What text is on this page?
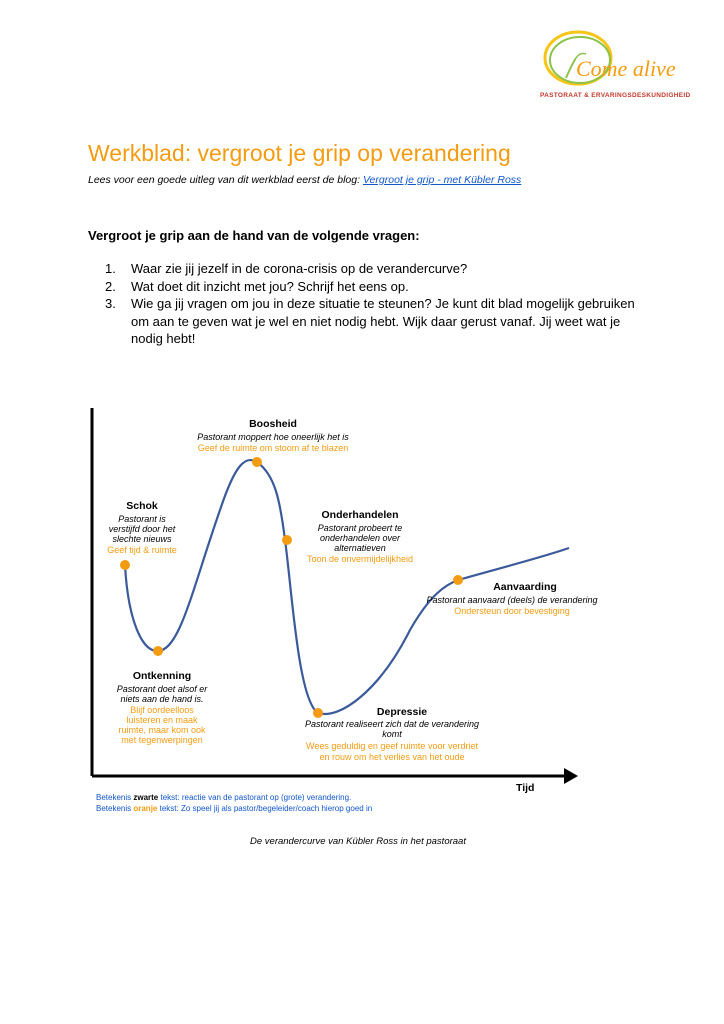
Come alive
PASTORAAT & ERVARINGSDESKUNDIGHEID
Werkblad: vergroot je grip op verandering
Lees voor een goede uitleg van dit werkblad eerst de blog: Vergroot je grip - met Kübler Ross
Vergroot je grip aan de hand van de volgende vragen:
1. Waar zie jij jezelf in de corona-crisis op de verandercurve?
2. Wat doet dit inzicht met jou? Schrijf het eens op.
3. Wie ga jij vragen om jou in deze situatie te steunen? Je kunt dit blad mogelijk gebruiken om aan te geven wat je wel en niet nodig hebt. Wijk daar gerust vanaf. Jij weet wat je nodig hebt!
Tijd
Schok
Pastorant is
verstijfd door het
slechte nieuws
Geef tijd & ruimte
Ontkenning
Pastorant doet alsof er
niets aan de hand is.
Blijf oordeelloos
luisteren en maak
ruimte, maar kom ook
met tegenwerpingen
Boosheid
Pastorant moppert hoe oneerlijk het is
Geef de ruimte om stoom af te blazen
Onderhandelen
Pastorant probeert te
onderhandelen over
alternatieven
Toon de onvermijdelijkheid
Depressie
Pastorant realiseert zich dat de verandering
komt
Wees geduldig en geef ruimte voor verdriet
en rouw om het verlies van het oude
Aanvaarding
Pastorant aanvaard (deels) de verandering
Ondersteun door bevestiging
Betekenis zwarte tekst: reactie van de pastorant op (grote) verandering.
Betekenis oranje tekst: Zo speel jij als pastor/begeleider/coach hierop goed in
De verandercurve van Kübler Ross in het pastoraat
